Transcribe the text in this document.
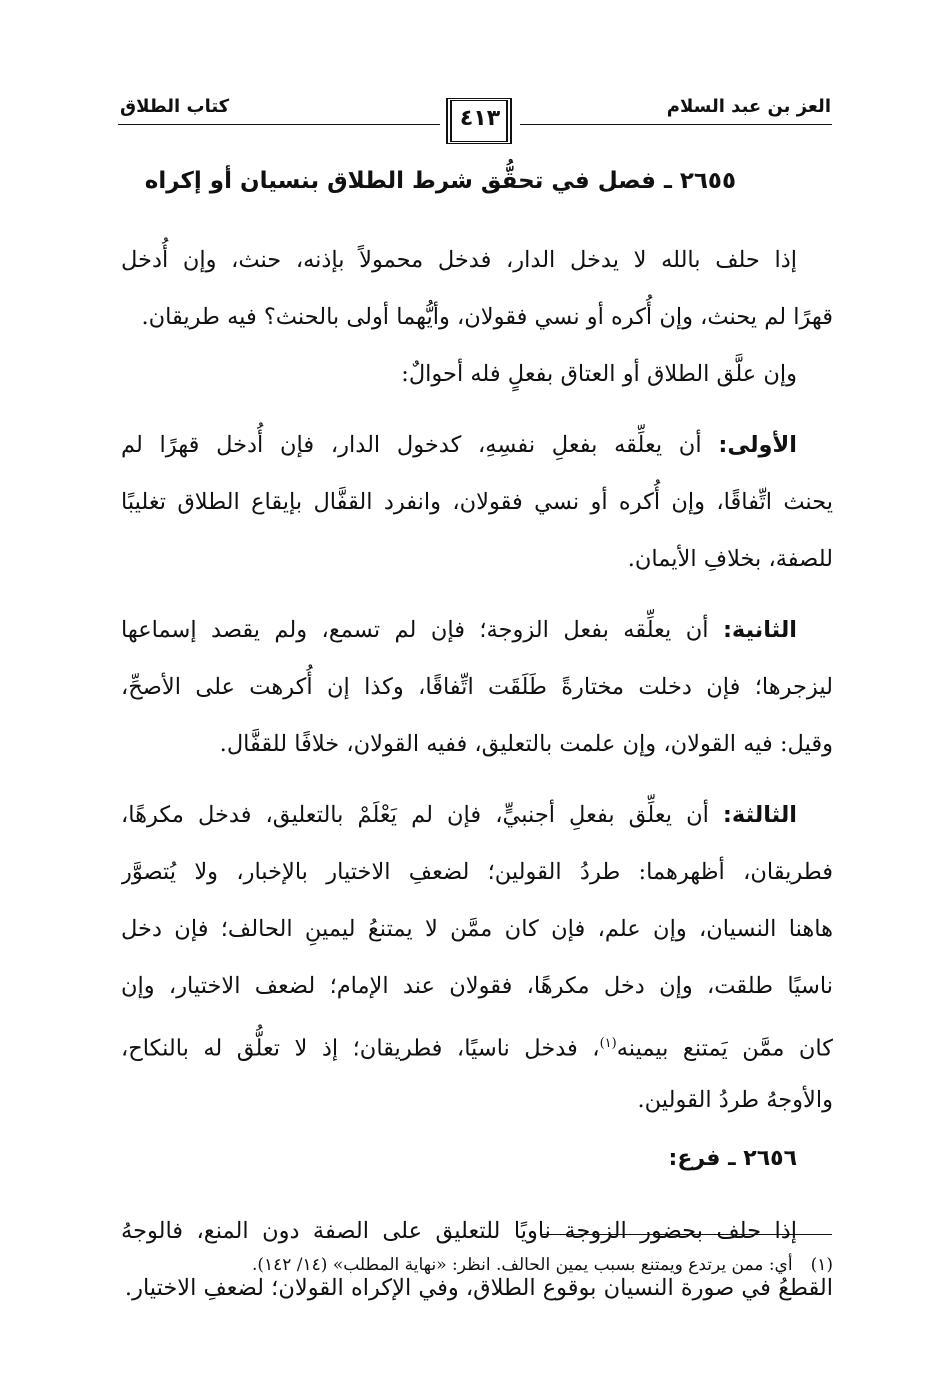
العز بن عبد السلام
كتاب الطلاق	٤١٣
٢٦٥٥ ـ فصل في تحقُّق شرط الطلاق بنسيان أو إكراه
إذا حلف بالله لا يدخل الدار، فدخل محمولاً بإذنه، حنث، وإن أُدخل
قهرًا لم يحنث، وإن أُكره أو نسي فقولان، وأيُّهما أولى بالحنث؟ فيه طريقان.
وإن علَّق الطلاق أو العتاق بفعلٍ فله أحوالٌ:
الأولى: أن يعلِّقه بفعلِ نفسِهِ، كدخول الدار، فإن أُدخل قهرًا لم
يحنث اتِّفاقًا، وإن أُكره أو نسي فقولان، وانفرد القفَّال بإيقاع الطلاق تغليبًا
للصفة، بخلافِ الأيمان.
الثانية: أن يعلِّقه بفعل الزوجة؛ فإن لم تسمع، ولم يقصد إسماعها
ليزجرها؛ فإن دخلت مختارةً طَلَقَت اتِّفاقًا، وكذا إن أُكرهت على الأصحِّ،
وقيل: فيه القولان، وإن علمت بالتعليق، ففيه القولان، خلافًا للقفَّال.
الثالثة: أن يعلِّق بفعلِ أجنبيٍّ، فإن لم يَعْلَمْ بالتعليق، فدخل مكرهًا،
فطريقان، أظهرهما: طردُ القولين؛ لضعفِ الاختيار بالإخبار، ولا يُتصوَّر
هاهنا النسيان، وإن علم، فإن كان ممَّن لا يمتنعُ ليمينِ الحالف؛ فإن دخل
ناسيًا طلقت، وإن دخل مكرهًا، فقولان عند الإمام؛ لضعف الاختيار، وإن
كان ممَّن يَمتنع بيمينه$^{(١)}$، فدخل ناسيًا، فطريقان؛ إذ لا تعلُّق له بالنكاح،
والأوجهُ طردُ القولين.
٢٦٥٦ ـ فرع:
إذا حلف بحضور الزوجة ناويًا للتعليق على الصفة دون المنع، فالوجهُ
القطعُ في صورة النسيان بوقوع الطلاق، وفي الإكراه القولان؛ لضعفِ الاختيار.
(١)أي: ممن يرتدع ويمتنع بسبب يمين الحالف. انظر: «نهاية المطلب» (١٤/ ١٤٢).
